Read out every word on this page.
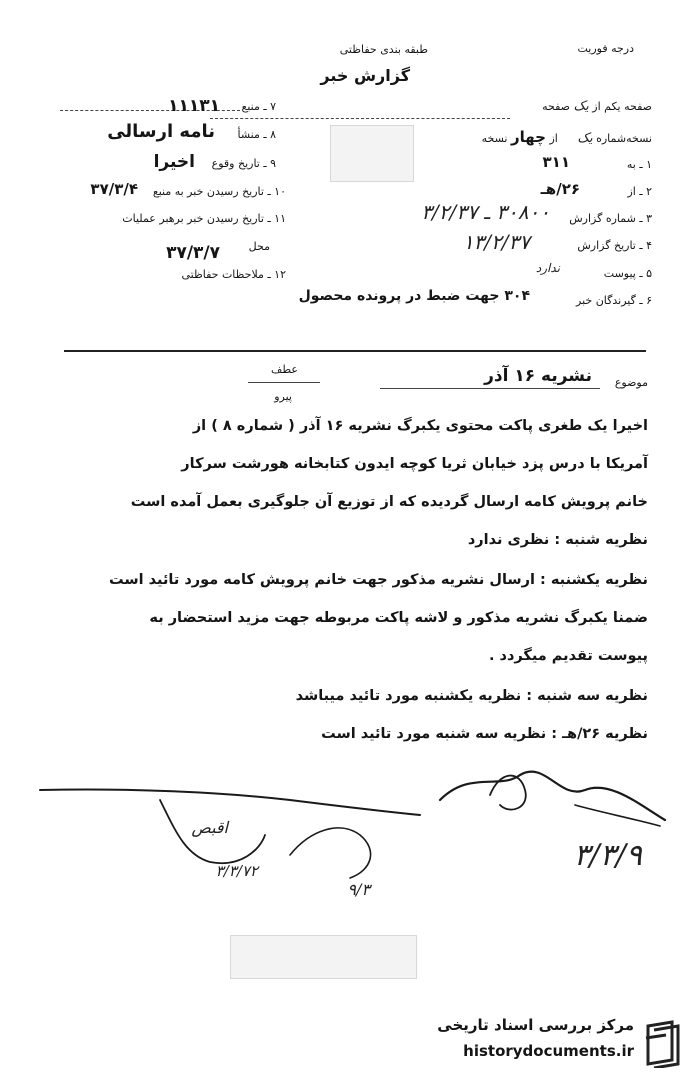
درجه فوریت
طبقه بندی حفاظتی
گزارش خبر
صفحه یکم از یک صفحه
نسخه‌شماره یک از چهار نسخه
۱ ـ به
۳۱۱
۲ ـ از
۲۶/هـ
۳ ـ شماره گزارش
۳۰۸۰۰ ـ ۳/۲/۳۷
۴ ـ تاریخ گزارش
۱۳/۲/۳۷
۵ ـ پیوست
ندارد
۶ ـ گیرندگان خبر
۳۰۴ جهت ضبط در پرونده محصول
۷ ـ منبع
۱۱۱۳۱
۸ ـ منشأ
نامه ارسالی
۹ ـ تاریخ وقوع
اخیرا
۱۰ ـ تاریخ رسیدن خبر به منبع
۳۷/۳/۴
۱۱ ـ تاریخ رسیدن خبر برهبر عملیات
محل
۳۷/۳/۷
۱۲ ـ ملاحظات حفاظتی
موضوع
نشریه ۱۶ آذر
عطف
پیرو
اخیرا یک طغری پاکت محتوی یکبرگ نشریه ۱۶ آذر ( شماره ۸ ) از
آمریکا با درس پزد خیابان ثریا کوچه ایدون کتابخانه هورشت سرکار
خانم پرویش کامه ارسال گردیده که از توزیع آن جلوگیری بعمل آمده است
نظریه شنبه : نظری ندارد
نظریه یکشنبه : ارسال نشریه مذکور جهت خانم پرویش کامه مورد تائید است
ضمنا یکبرگ نشریه مذکور و لاشه پاکت مربوطه جهت مزید استحضار به
پیوست تقدیم میگردد .
نظریه سه شنبه : نظریه یکشنبه مورد تائید میباشد
نظریه ۲۶/هـ : نظریه سه شنبه مورد تائید است
۳/۳/۹
اقبص
۳/۳/۷۲
۹/۳
مرکز بررسی اسناد تاریخی
historydocuments.ir
